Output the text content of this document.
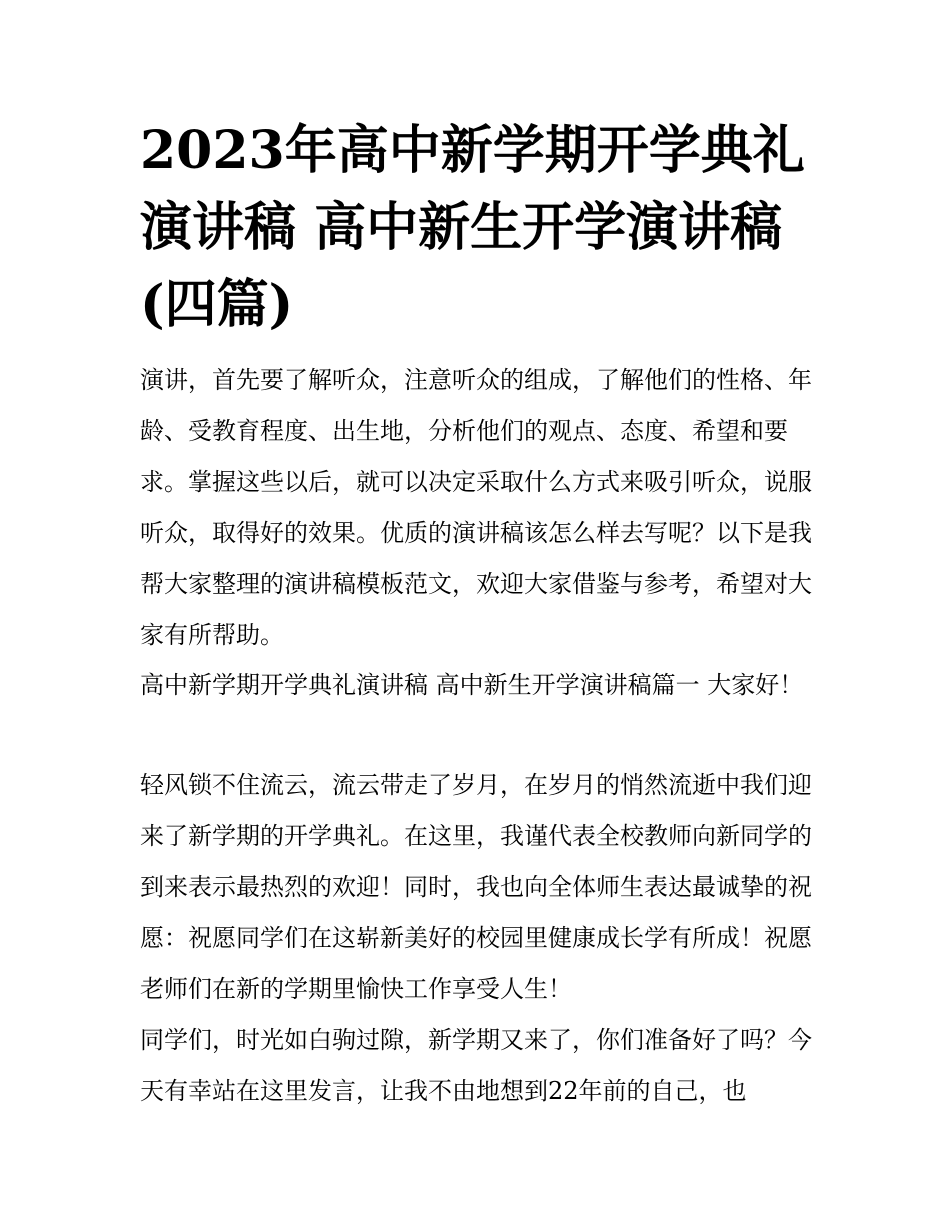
2023年高中新学期开学典礼演讲稿 高中新生开学演讲稿(四篇)

演讲，首先要了解听众，注意听众的组成，了解他们的性格、年龄、受教育程度、出生地，分析他们的观点、态度、希望和要求。掌握这些以后，就可以决定采取什么方式来吸引听众，说服听众，取得好的效果。优质的演讲稿该怎么样去写呢？以下是我帮大家整理的演讲稿模板范文，欢迎大家借鉴与参考，希望对大家有所帮助。

高中新学期开学典礼演讲稿 高中新生开学演讲稿篇一 大家好！

轻风锁不住流云，流云带走了岁月，在岁月的悄然流逝中我们迎来了新学期的开学典礼。在这里，我谨代表全校教师向新同学的到来表示最热烈的欢迎！同时，我也向全体师生表达最诚挚的祝愿：祝愿同学们在这崭新美好的校园里健康成长学有所成！祝愿老师们在新的学期里愉快工作享受人生！

同学们，时光如白驹过隙，新学期又来了，你们准备好了吗？今天有幸站在这里发言，让我不由地想到22年前的自己，也
